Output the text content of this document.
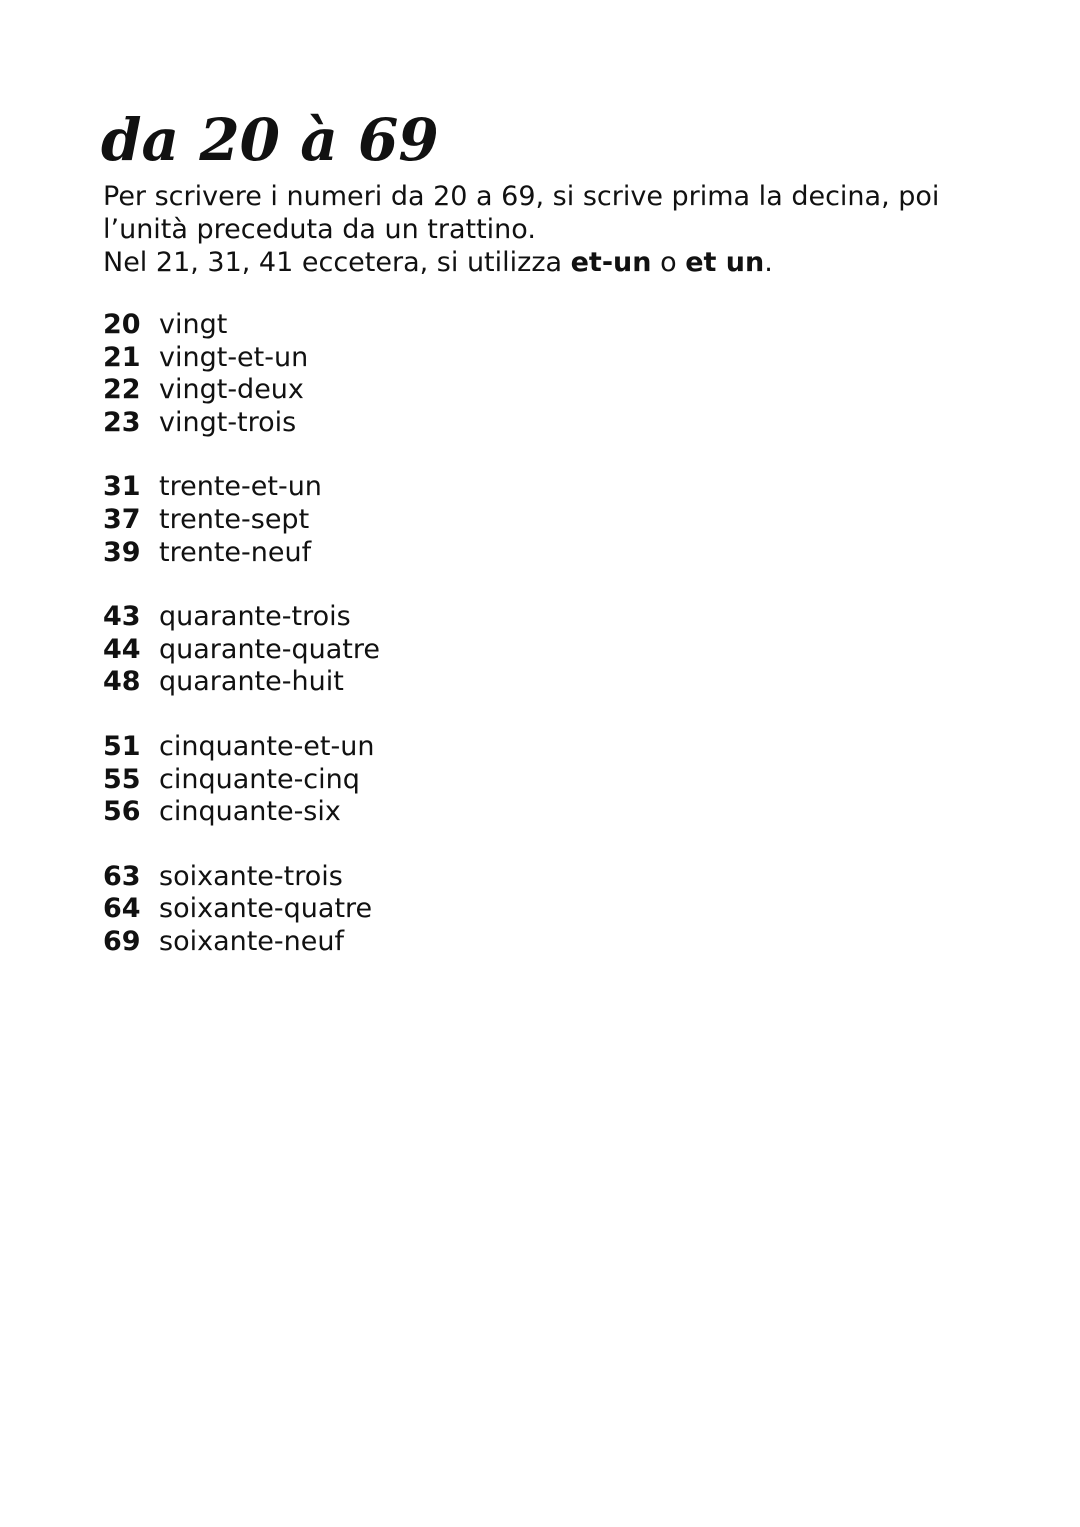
da 20 à 69

Per scrivere i numeri da 20 a 69, si scrive prima la decina, poi l’unità preceduta da un trattino.

Nel 21, 31, 41 eccetera, si utilizza et-un o et un.

20 vingt
21 vingt-et-un
22 vingt-deux
23 vingt-trois
31 trente-et-un
37 trente-sept
39 trente-neuf
43 quarante-trois
44 quarante-quatre
48 quarante-huit
51 cinquante-et-un
55 cinquante-cinq
56 cinquante-six
63 soixante-trois
64 soixante-quatre
69 soixante-neuf
